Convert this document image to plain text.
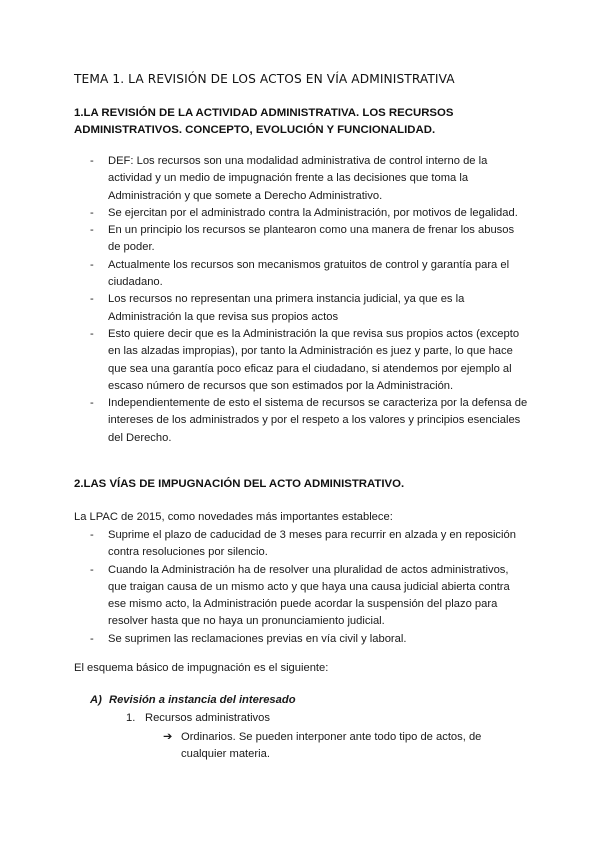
TEMA 1. LA REVISIÓN DE LOS ACTOS EN VÍA ADMINISTRATIVA
1.LA REVISIÓN DE LA ACTIVIDAD ADMINISTRATIVA. LOS RECURSOS ADMINISTRATIVOS. CONCEPTO, EVOLUCIÓN Y FUNCIONALIDAD.
- DEF: Los recursos son una modalidad administrativa de control interno de la actividad y un medio de impugnación frente a las decisiones que toma la Administración y que somete a Derecho Administrativo.
- Se ejercitan por el administrado contra la Administración, por motivos de legalidad.
- En un principio los recursos se plantearon como una manera de frenar los abusos de poder.
- Actualmente los recursos son mecanismos gratuitos de control y garantía para el ciudadano.
- Los recursos no representan una primera instancia judicial, ya que es la Administración la que revisa sus propios actos
- Esto quiere decir que es la Administración la que revisa sus propios actos (excepto en las alzadas impropias), por tanto la Administración es juez y parte, lo que hace que sea una garantía poco eficaz para el ciudadano, si atendemos por ejemplo al escaso número de recursos que son estimados por la Administración.
- Independientemente de esto el sistema de recursos se caracteriza por la defensa de intereses de los administrados y por el respeto a los valores y principios esenciales del Derecho.
2.LAS VÍAS DE IMPUGNACIÓN DEL ACTO ADMINISTRATIVO.
La LPAC de 2015, como novedades más importantes establece:
- Suprime el plazo de caducidad de 3 meses para recurrir en alzada y en reposición contra resoluciones por silencio.
- Cuando la Administración ha de resolver una pluralidad de actos administrativos, que traigan causa de un mismo acto y que haya una causa judicial abierta contra ese mismo acto, la Administración puede acordar la suspensión del plazo para resolver hasta que no haya un pronunciamiento judicial.
- Se suprimen las reclamaciones previas en vía civil y laboral.
El esquema básico de impugnación es el siguiente:
A) Revisión a instancia del interesado
1. Recursos administrativos
➔ Ordinarios. Se pueden interponer ante todo tipo de actos, de cualquier materia.
